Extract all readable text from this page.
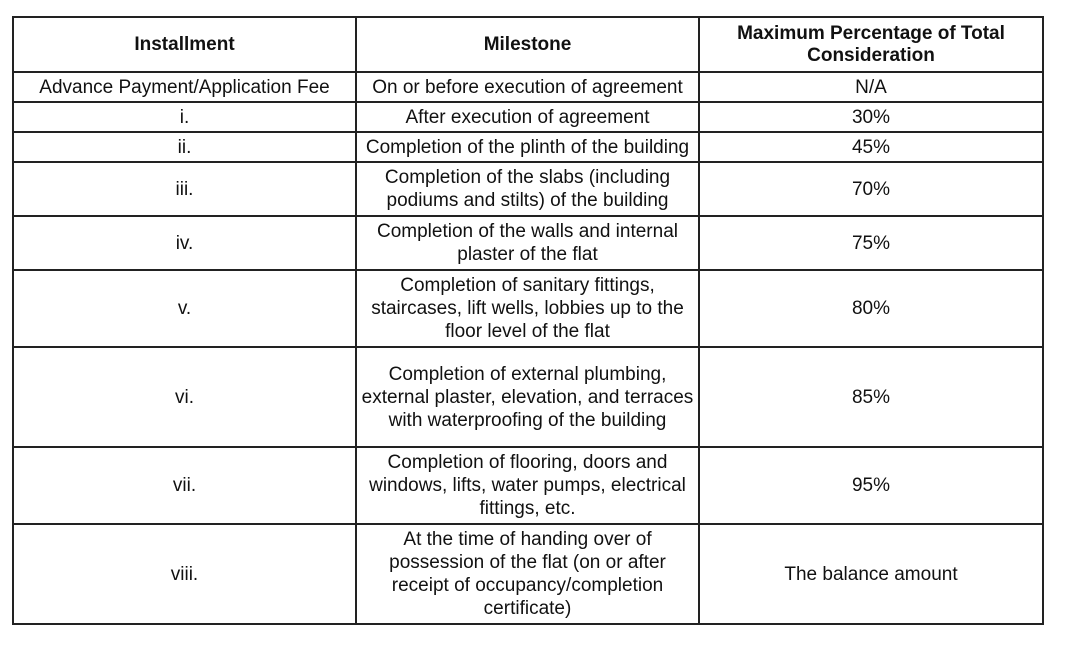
Installment	Milestone	Maximum Percentage of Total Consideration
Advance Payment/Application Fee	On or before execution of agreement	N/A
i.	After execution of agreement	30%
ii.	Completion of the plinth of the building	45%
iii.	Completion of the slabs (including podiums and stilts) of the building	70%
iv.	Completion of the walls and internal plaster of the flat	75%
v.	Completion of sanitary fittings, staircases, lift wells, lobbies up to the floor level of the flat	80%
vi.	Completion of external plumbing, external plaster, elevation, and terraces with waterproofing of the building	85%
vii.	Completion of flooring, doors and windows, lifts, water pumps, electrical fittings, etc.	95%
viii.	At the time of handing over of possession of the flat (on or after receipt of occupancy/completion certificate)	The balance amount
